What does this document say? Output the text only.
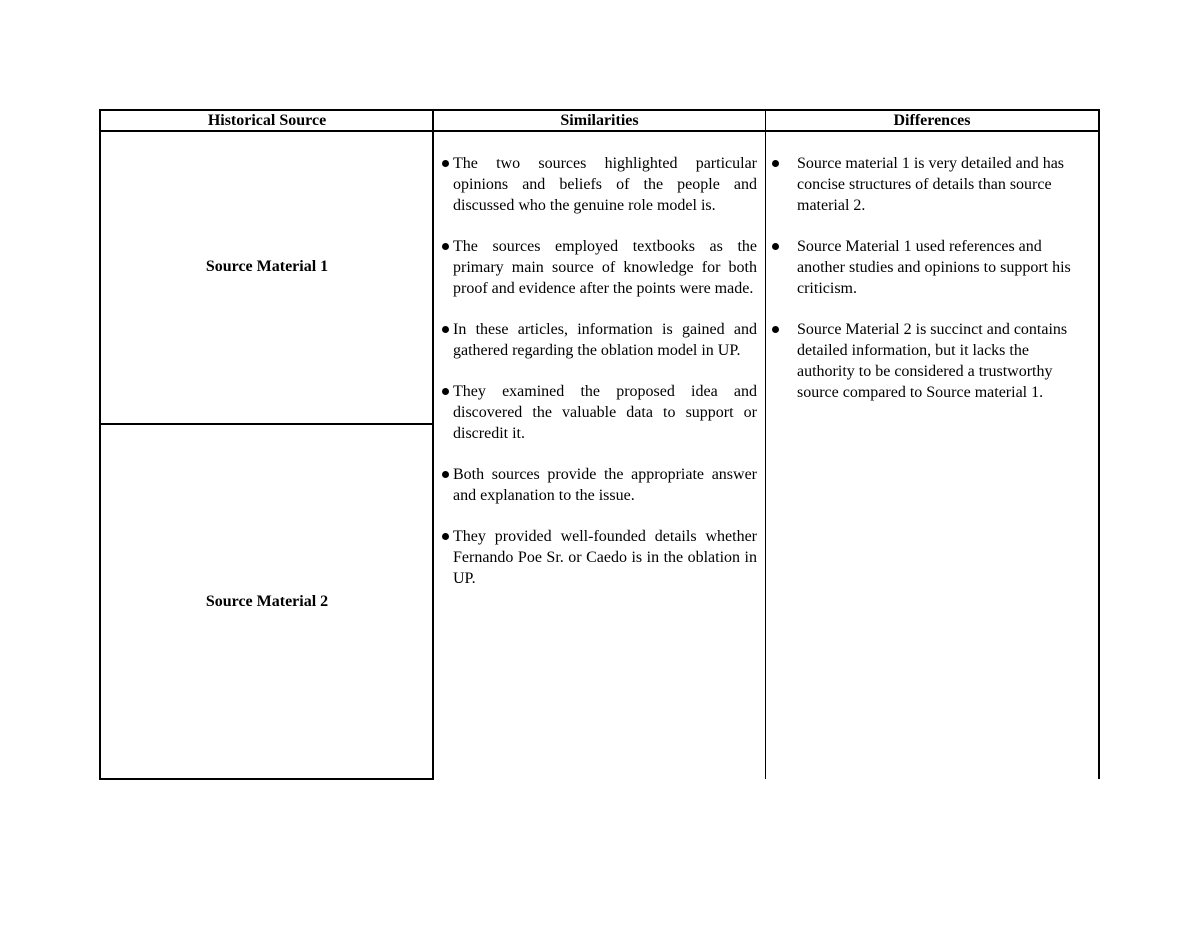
Historical Source	Similarities	Differences
Source Material 1
Source Material 2
The two sources highlighted particular opinions and beliefs of the people and discussed who the genuine role model is.
The sources employed textbooks as the primary main source of knowledge for both proof and evidence after the points were made.
In these articles, information is gained and gathered regarding the oblation model in UP.
They examined the proposed idea and discovered the valuable data to support or discredit it.
Both sources provide the appropriate answer and explanation to the issue.
They provided well-founded details whether Fernando Poe Sr. or Caedo is in the oblation in UP.
Source material 1 is very detailed and has concise structures of details than source material 2.
Source Material 1 used references and another studies and opinions to support his criticism.
Source Material 2 is succinct and contains detailed information, but it lacks the authority to be considered a trustworthy source compared to Source material 1.
